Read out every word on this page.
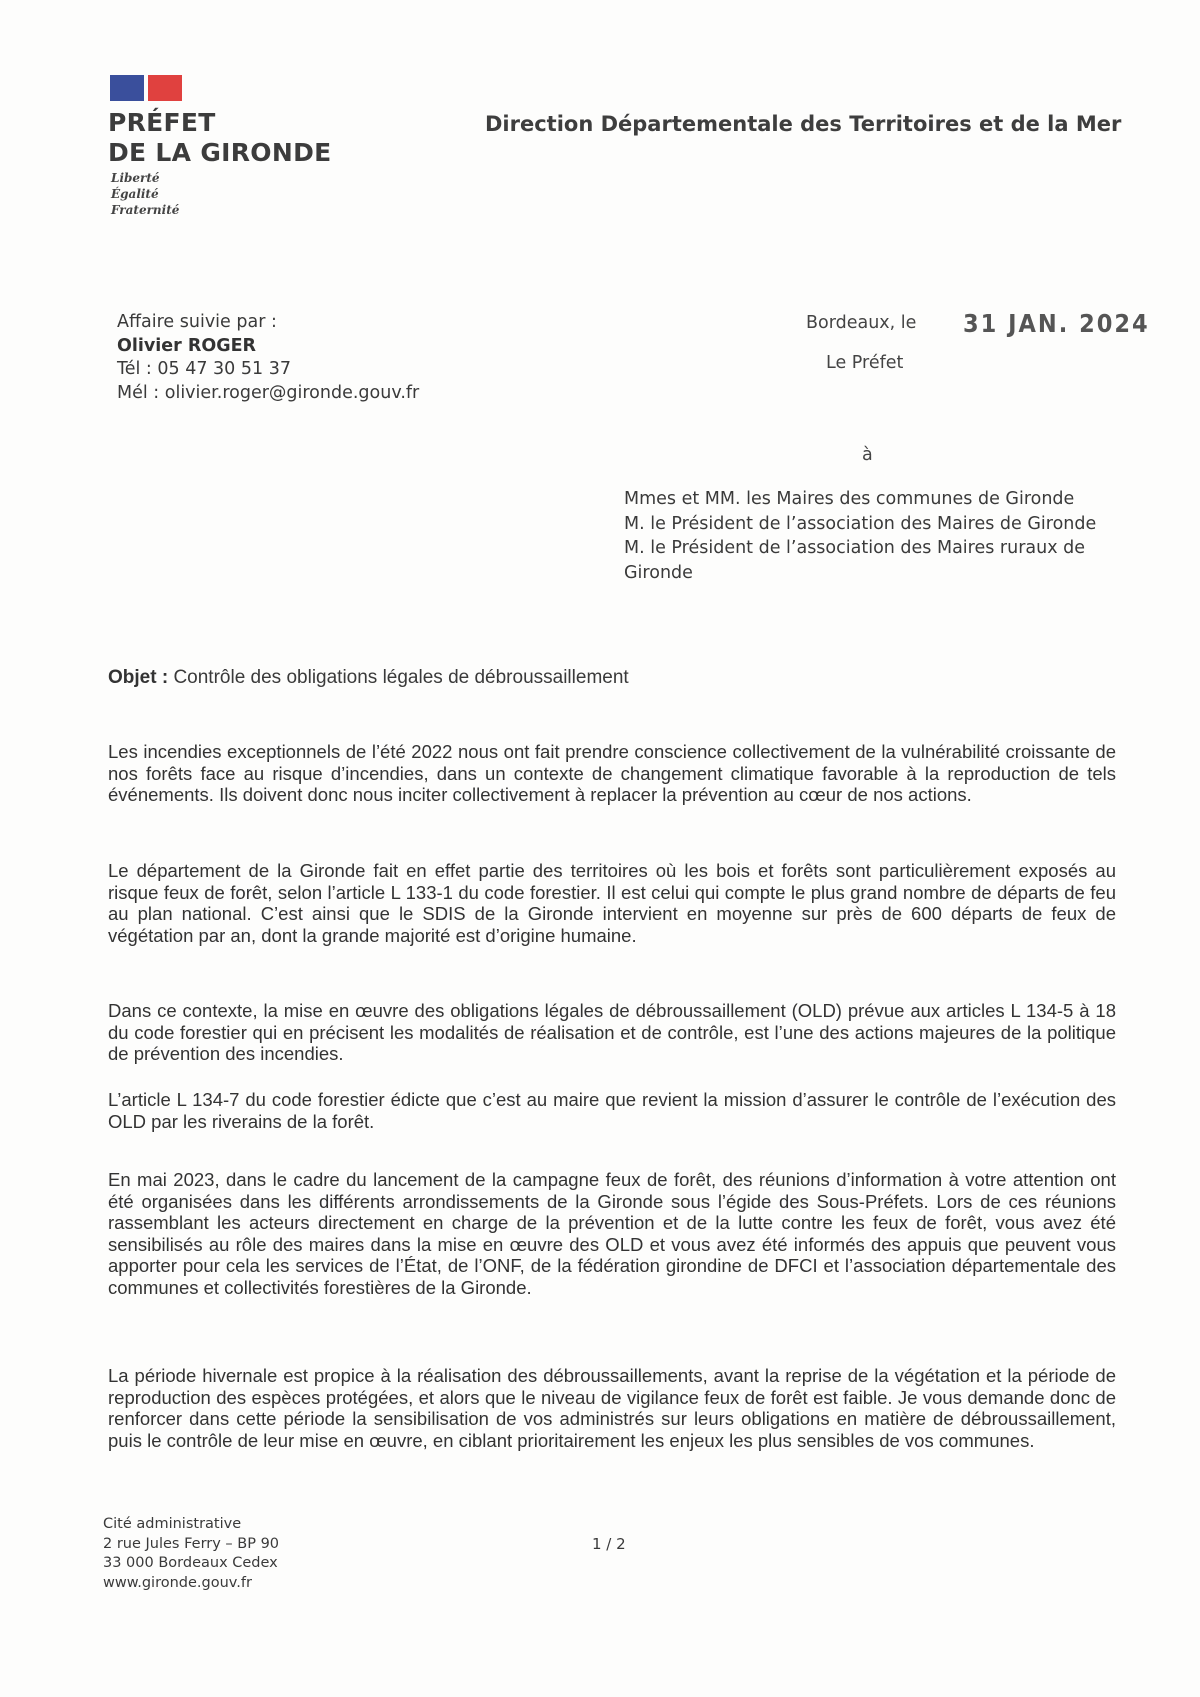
PRÉFET
DE LA GIRONDE
Liberté
Égalité
Fraternité
Direction Départementale des Territoires et de la Mer
Affaire suivie par :
Olivier ROGER
Tél : 05 47 30 51 37
Mél : olivier.roger@gironde.gouv.fr
Bordeaux, le 31 JAN. 2024
Le Préfet
à
Mmes et MM. les Maires des communes de Gironde
M. le Président de l’association des Maires de Gironde
M. le Président de l’association des Maires ruraux de Gironde
Objet : Contrôle des obligations légales de débroussaillement

Les incendies exceptionnels de l’été 2022 nous ont fait prendre conscience collectivement de la vulnérabilité croissante de nos forêts face au risque d’incendies, dans un contexte de changement climatique favorable à la reproduction de tels événements. Ils doivent donc nous inciter collectivement à replacer la prévention au cœur de nos actions.

Le département de la Gironde fait en effet partie des territoires où les bois et forêts sont particulièrement exposés au risque feux de forêt, selon l’article L 133-1 du code forestier. Il est celui qui compte le plus grand nombre de départs de feu au plan national. C’est ainsi que le SDIS de la Gironde intervient en moyenne sur près de 600 départs de feux de végétation par an, dont la grande majorité est d’origine humaine.

Dans ce contexte, la mise en œuvre des obligations légales de débroussaillement (OLD) prévue aux articles L 134-5 à 18 du code forestier qui en précisent les modalités de réalisation et de contrôle, est l’une des actions majeures de la politique de prévention des incendies.

L’article L 134-7 du code forestier édicte que c’est au maire que revient la mission d’assurer le contrôle de l’exécution des OLD par les riverains de la forêt.

En mai 2023, dans le cadre du lancement de la campagne feux de forêt, des réunions d’information à votre attention ont été organisées dans les différents arrondissements de la Gironde sous l’égide des Sous-Préfets. Lors de ces réunions rassemblant les acteurs directement en charge de la prévention et de la lutte contre les feux de forêt, vous avez été sensibilisés au rôle des maires dans la mise en œuvre des OLD et vous avez été informés des appuis que peuvent vous apporter pour cela les services de l’État, de l’ONF, de la fédération girondine de DFCI et l’association départementale des communes et collectivités forestières de la Gironde.

La période hivernale est propice à la réalisation des débroussaillements, avant la reprise de la végétation et la période de reproduction des espèces protégées, et alors que le niveau de vigilance feux de forêt est faible. Je vous demande donc de renforcer dans cette période la sensibilisation de vos administrés sur leurs obligations en matière de débroussaillement, puis le contrôle de leur mise en œuvre, en ciblant prioritairement les enjeux les plus sensibles de vos communes.

Cité administrative
2 rue Jules Ferry – BP 90
33 000 Bordeaux Cedex
www.gironde.gouv.fr
1 / 2
